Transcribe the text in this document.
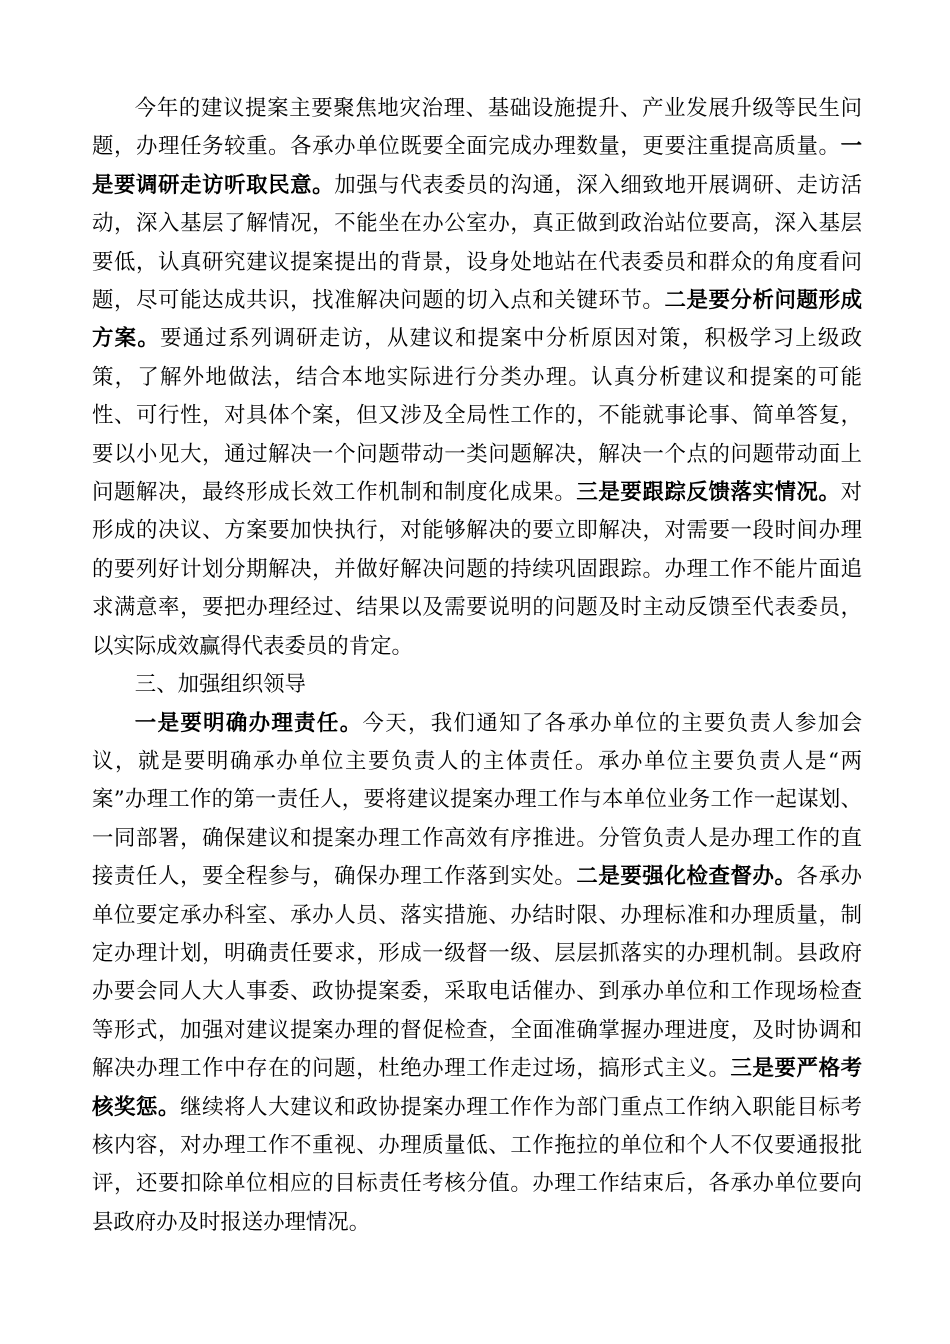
今年的建议提案主要聚焦地灾治理、基础设施提升、产业发展升级等民生问题，办理任务较重。各承办单位既要全面完成办理数量，更要注重提高质量。一是要调研走访听取民意。加强与代表委员的沟通，深入细致地开展调研、走访活动，深入基层了解情况，不能坐在办公室办，真正做到政治站位要高，深入基层要低，认真研究建议提案提出的背景，设身处地站在代表委员和群众的角度看问题，尽可能达成共识，找准解决问题的切入点和关键环节。二是要分析问题形成方案。要通过系列调研走访，从建议和提案中分析原因对策，积极学习上级政策，了解外地做法，结合本地实际进行分类办理。认真分析建议和提案的可能性、可行性，对具体个案，但又涉及全局性工作的，不能就事论事、简单答复，要以小见大，通过解决一个问题带动一类问题解决，解决一个点的问题带动面上问题解决，最终形成长效工作机制和制度化成果。三是要跟踪反馈落实情况。对形成的决议、方案要加快执行，对能够解决的要立即解决，对需要一段时间办理的要列好计划分期解决，并做好解决问题的持续巩固跟踪。办理工作不能片面追求满意率，要把办理经过、结果以及需要说明的问题及时主动反馈至代表委员，以实际成效赢得代表委员的肯定。

三、加强组织领导

一是要明确办理责任。今天，我们通知了各承办单位的主要负责人参加会议，就是要明确承办单位主要负责人的主体责任。承办单位主要负责人是“两案”办理工作的第一责任人，要将建议提案办理工作与本单位业务工作一起谋划、一同部署，确保建议和提案办理工作高效有序推进。分管负责人是办理工作的直接责任人，要全程参与，确保办理工作落到实处。二是要强化检查督办。各承办单位要定承办科室、承办人员、落实措施、办结时限、办理标准和办理质量，制定办理计划，明确责任要求，形成一级督一级、层层抓落实的办理机制。县政府办要会同人大人事委、政协提案委，采取电话催办、到承办单位和工作现场检查等形式，加强对建议提案办理的督促检查，全面准确掌握办理进度，及时协调和解决办理工作中存在的问题，杜绝办理工作走过场，搞形式主义。三是要严格考核奖惩。继续将人大建议和政协提案办理工作作为部门重点工作纳入职能目标考核内容，对办理工作不重视、办理质量低、工作拖拉的单位和个人不仅要通报批评，还要扣除单位相应的目标责任考核分值。办理工作结束后，各承办单位要向县政府办及时报送办理情况。
